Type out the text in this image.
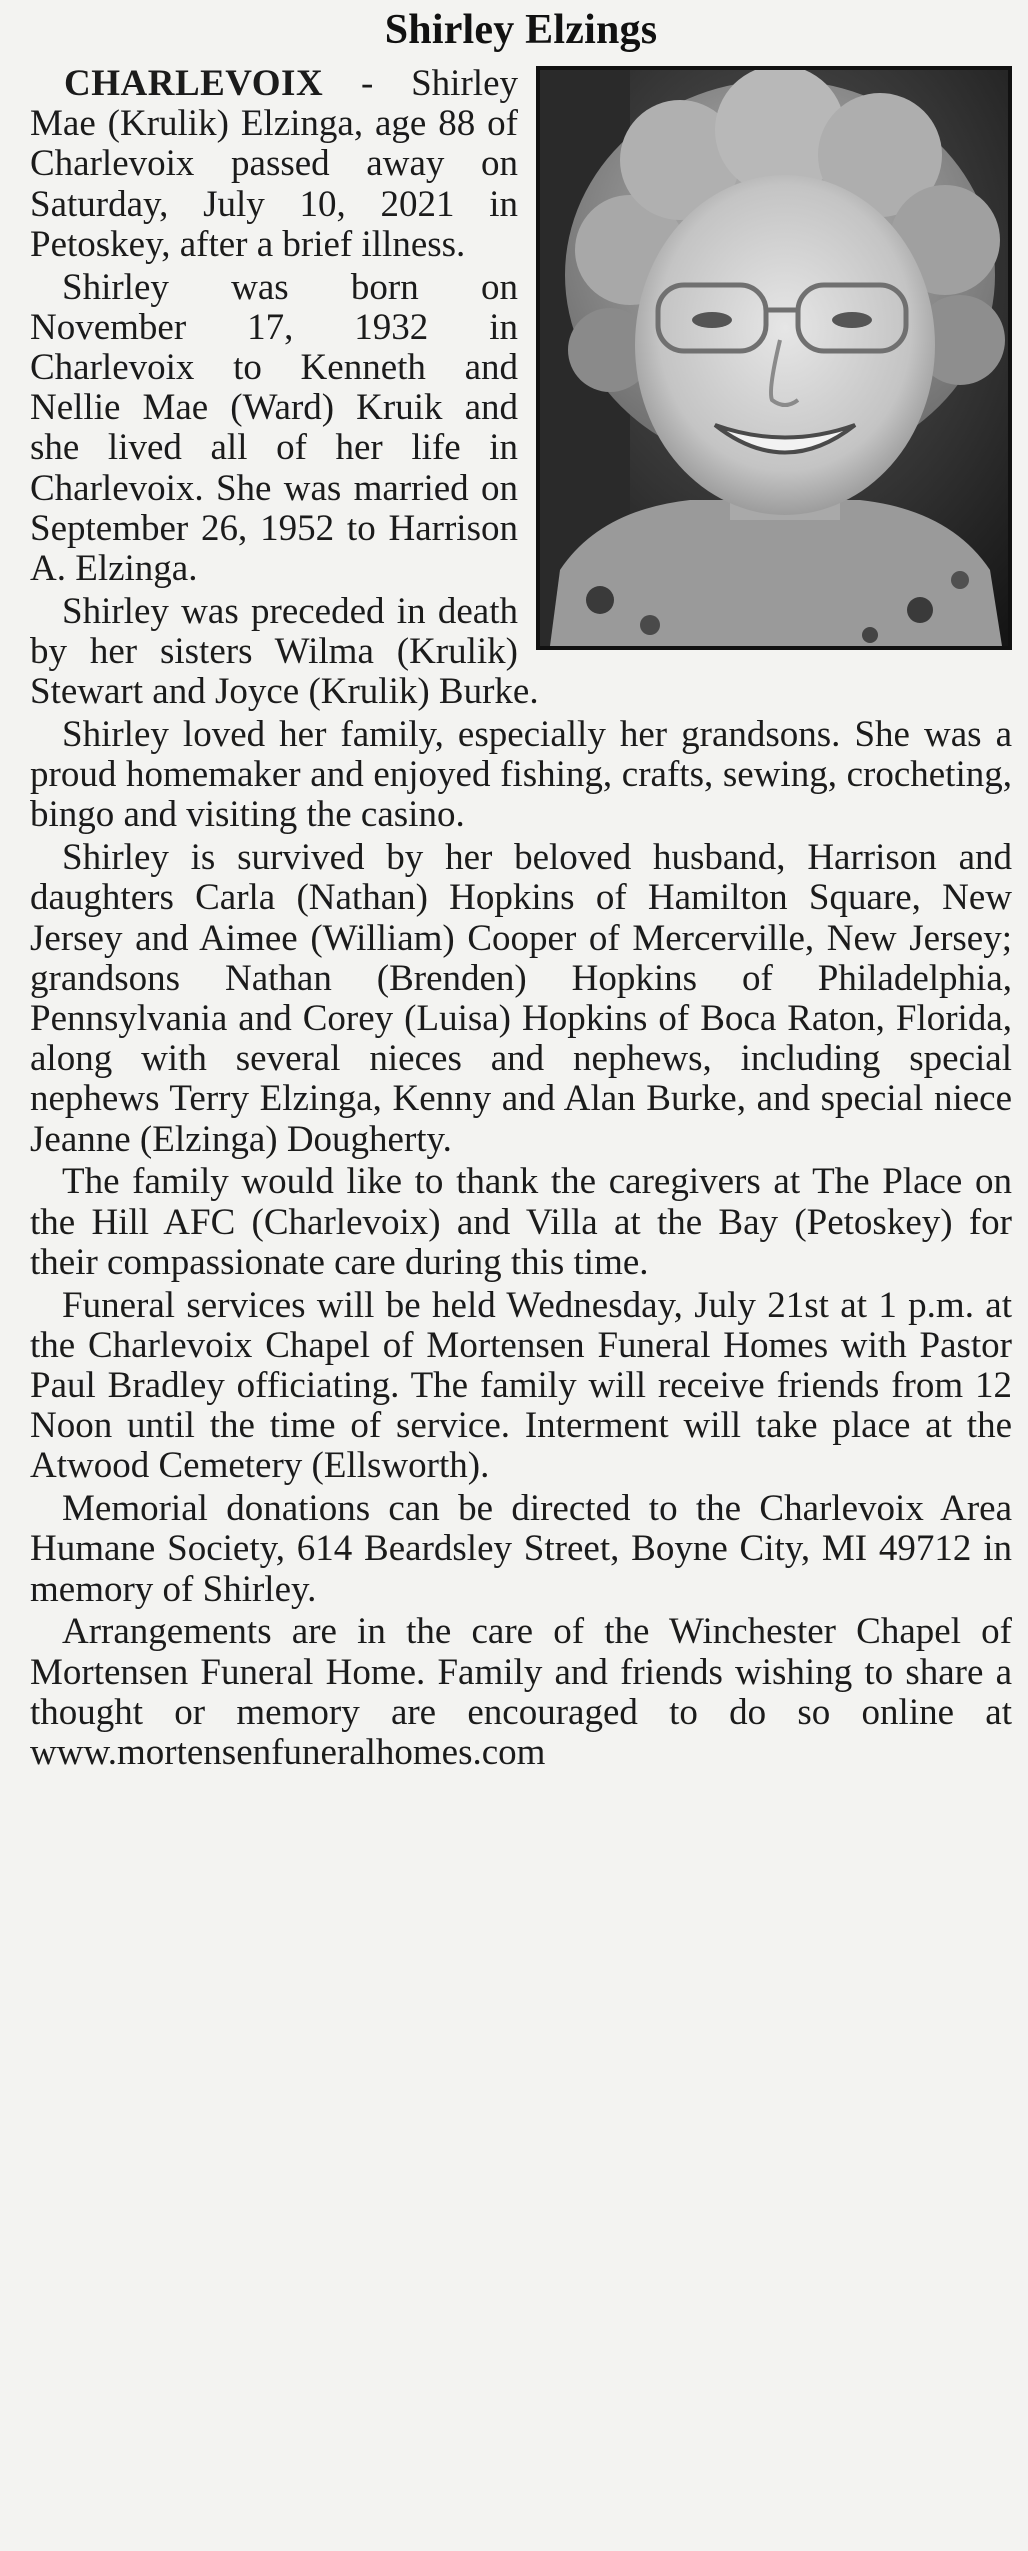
Shirley Elzings

CHARLEVOIX - Shirley Mae (Krulik) Elzinga, age 88 of Charlevoix passed away on Saturday, July 10, 2021 in Petoskey, after a brief illness.

Shirley was born on November 17, 1932 in Charlevoix to Kenneth and Nellie Mae (Ward) Kruik and she lived all of her life in Charlevoix. She was married on September 26, 1952 to Harrison A. Elzinga.

Shirley was preceded in death by her sisters Wilma (Krulik) Stewart and Joyce (Krulik) Burke.

Shirley loved her family, especially her grandsons. She was a proud homemaker and enjoyed fishing, crafts, sewing, crocheting, bingo and visiting the casino.

Shirley is survived by her beloved husband, Harrison and daughters Carla (Nathan) Hopkins of Hamilton Square, New Jersey and Aimee (William) Cooper of Mercerville, New Jersey; grandsons Nathan (Brenden) Hopkins of Philadelphia, Pennsylvania and Corey (Luisa) Hopkins of Boca Raton, Florida, along with several nieces and nephews, including special nephews Terry Elzinga, Kenny and Alan Burke, and special niece Jeanne (Elzinga) Dougherty.

The family would like to thank the caregivers at The Place on the Hill AFC (Charlevoix) and Villa at the Bay (Petoskey) for their compassionate care during this time.

Funeral services will be held Wednesday, July 21st at 1 p.m. at the Charlevoix Chapel of Mortensen Funeral Homes with Pastor Paul Bradley officiating. The family will receive friends from 12 Noon until the time of service. Interment will take place at the Atwood Cemetery (Ellsworth).

Memorial donations can be directed to the Charlevoix Area Humane Society, 614 Beardsley Street, Boyne City, MI 49712 in memory of Shirley.

Arrangements are in the care of the Winchester Chapel of Mortensen Funeral Home. Family and friends wishing to share a thought or memory are encouraged to do so online at www.mortensenfuneralhomes.com
